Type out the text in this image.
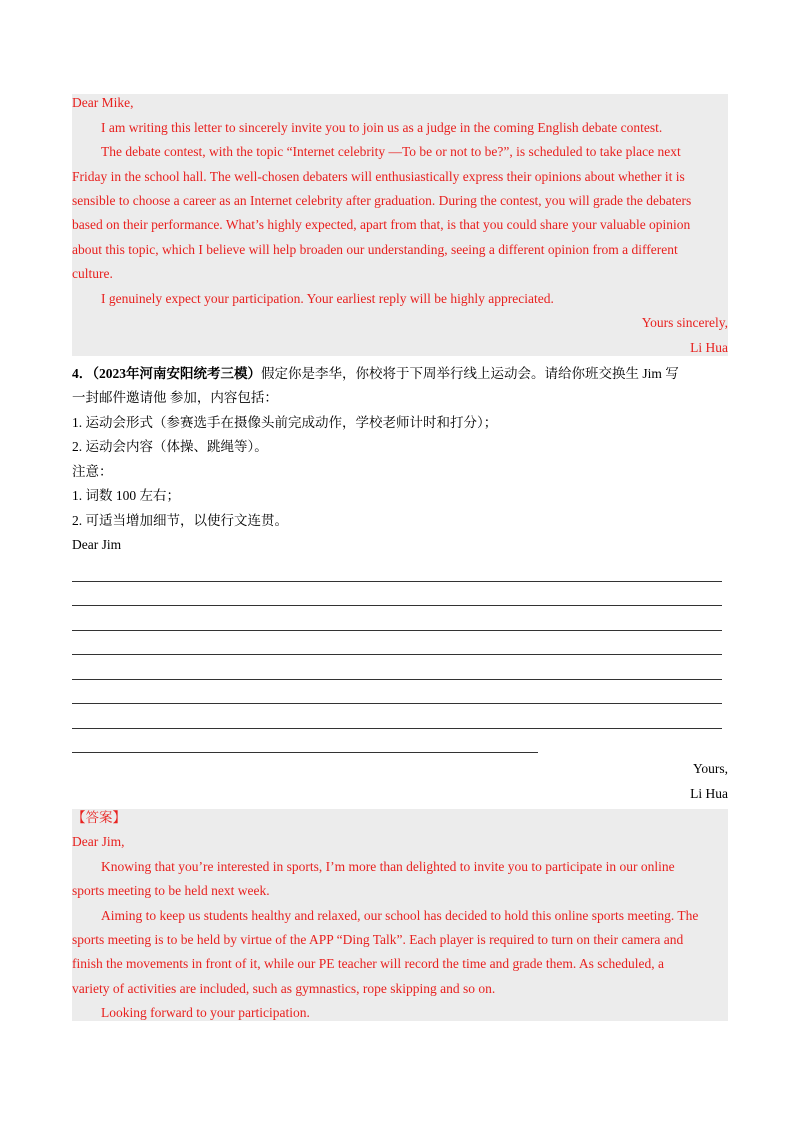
Dear Mike,

I am writing this letter to sincerely invite you to join us as a judge in the coming English debate contest.

The debate contest, with the topic “Internet celebrity —To be or not to be?”, is scheduled to take place next

Friday in the school hall. The well-chosen debaters will enthusiastically express their opinions about whether it is

sensible to choose a career as an Internet celebrity after graduation. During the contest, you will grade the debaters

based on their performance. What’s highly expected, apart from that, is that you could share your valuable opinion

about this topic, which I believe will help broaden our understanding, seeing a different opinion from a different

culture.

I genuinely expect your participation. Your earliest reply will be highly appreciated.

Yours sincerely,

Li Hua

4．（2023年河南安阳统考三模）假定你是李华，你校将于下周举行线上运动会。请给你班交换生 Jim 写

一封邮件邀请他 参加，内容包括：

1. 运动会形式（参赛选手在摄像头前完成动作，学校老师计时和打分）；

2. 运动会内容（体操、跳绳等）。

注意：

1. 词数 100 左右；

2. 可适当增加细节，以使行文连贯。

Dear Jim

Yours,

Li Hua

【答案】

Dear Jim,

Knowing that you’re interested in sports, I’m more than delighted to invite you to participate in our online

sports meeting to be held next week.

Aiming to keep us students healthy and relaxed, our school has decided to hold this online sports meeting. The

sports meeting is to be held by virtue of the APP “Ding Talk”. Each player is required to turn on their camera and

finish the movements in front of it, while our PE teacher will record the time and grade them. As scheduled, a

variety of activities are included, such as gymnastics, rope skipping and so on.

Looking forward to your participation.
